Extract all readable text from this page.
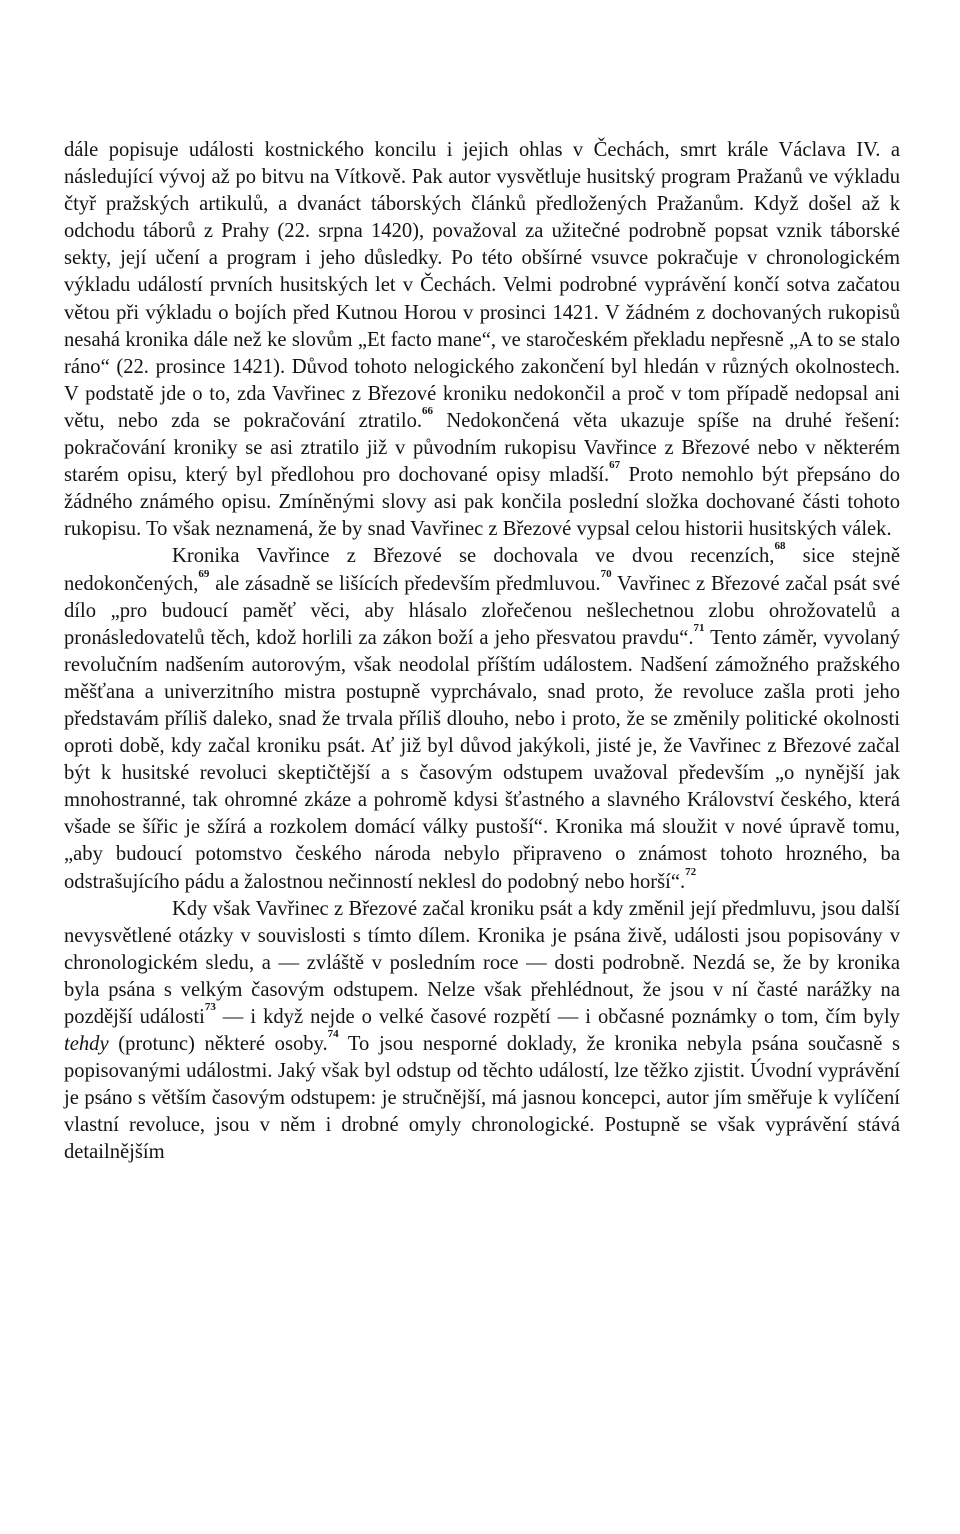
dále popisuje události kostnického koncilu i jejich ohlas v Čechách, smrt krále Václava IV. a následující vývoj až po bitvu na Vítkově. Pak autor vysvětluje husitský program Pražanů ve výkladu čtyř pražských artikulů, a dvanáct táborských článků předložených Pražanům. Když došel až k odchodu táborů z Prahy (22. srpna 1420), považoval za užitečné podrobně popsat vznik táborské sekty, její učení a program i jeho důsledky. Po této obšírné vsuvce pokračuje v chronologickém výkladu událostí prvních husitských let v Čechách. Velmi podrobné vyprávění končí sotva začatou větou při výkladu o bojích před Kutnou Horou v prosinci 1421. V žádném z dochovaných rukopisů nesahá kronika dále než ke slovům „Et facto mane“, ve staročeském překladu nepřesně „A to se stalo ráno“ (22. prosince 1421). Důvod tohoto nelogického zakončení byl hledán v různých okolnostech. V podstatě jde o to, zda Vavřinec z Březové kroniku nedokončil a proč v tom případě nedopsal ani větu, nebo zda se pokračování ztratilo.$^{66}$ Nedokončená věta ukazuje spíše na druhé řešení: pokračování kroniky se asi ztratilo již v původním rukopisu Vavřince z Březové nebo v některém starém opisu, který byl předlohou pro dochované opisy mladší.$^{67}$ Proto nemohlo být přepsáno do žádného známého opisu. Zmíněnými slovy asi pak končila poslední složka dochované části tohoto rukopisu. To však neznamená, že by snad Vavřinec z Březové vypsal celou historii husitských válek.

Kronika Vavřince z Březové se dochovala ve dvou recenzích,$^{68}$ sice stejně nedokončených,$^{69}$ ale zásadně se lišících především předmluvou.$^{70}$ Vavřinec z Březové začal psát své dílo „pro budoucí paměť věci, aby hlásalo zlořečenou nešlechetnou zlobu ohrožovatelů a pronásledovatelů těch, kdož horlili za zákon boží a jeho přesvatou pravdu“.$^{71}$ Tento záměr, vyvolaný revolučním nadšením autorovým, však neodolal příštím událostem. Nadšení zámožného pražského měšťana a univerzitního mistra postupně vyprchávalo, snad proto, že revoluce zašla proti jeho představám příliš daleko, snad že trvala příliš dlouho, nebo i proto, že se změnily politické okolnosti oproti době, kdy začal kroniku psát. Ať již byl důvod jakýkoli, jisté je, že Vavřinec z Březové začal být k husitské revoluci skeptičtější a s časovým odstupem uvažoval především „o nynější jak mnohostranné, tak ohromné zkáze a pohromě kdysi šťastného a slavného Království českého, která všade se šířic je sžírá a rozkolem domácí války pustoší“. Kronika má sloužit v nové úpravě tomu, „aby budoucí potomstvo českého národa nebylo připraveno o známost tohoto hrozného, ba odstrašujícího pádu a žalostnou nečinností neklesl do podobný nebo horší“.$^{72}$

Kdy však Vavřinec z Březové začal kroniku psát a kdy změnil její předmluvu, jsou další nevysvětlené otázky v souvislosti s tímto dílem. Kronika je psána živě, události jsou popisovány v chronologickém sledu, a — zvláště v posledním roce — dosti podrobně. Nezdá se, že by kronika byla psána s velkým časovým odstupem. Nelze však přehlédnout, že jsou v ní časté narážky na pozdější události$^{73}$ — i když nejde o velké časové rozpětí — i občasné poznámky o tom, čím byly tehdy (protunc) některé osoby.$^{74}$ To jsou nesporné doklady, že kronika nebyla psána současně s popisovanými událostmi. Jaký však byl odstup od těchto událostí, lze těžko zjistit. Úvodní vyprávění je psáno s větším časovým odstupem: je stručnější, má jasnou koncepci, autor jím směřuje k vylíčení vlastní revoluce, jsou v něm i drobné omyly chronologické. Postupně se však vyprávění stává detailnějším
